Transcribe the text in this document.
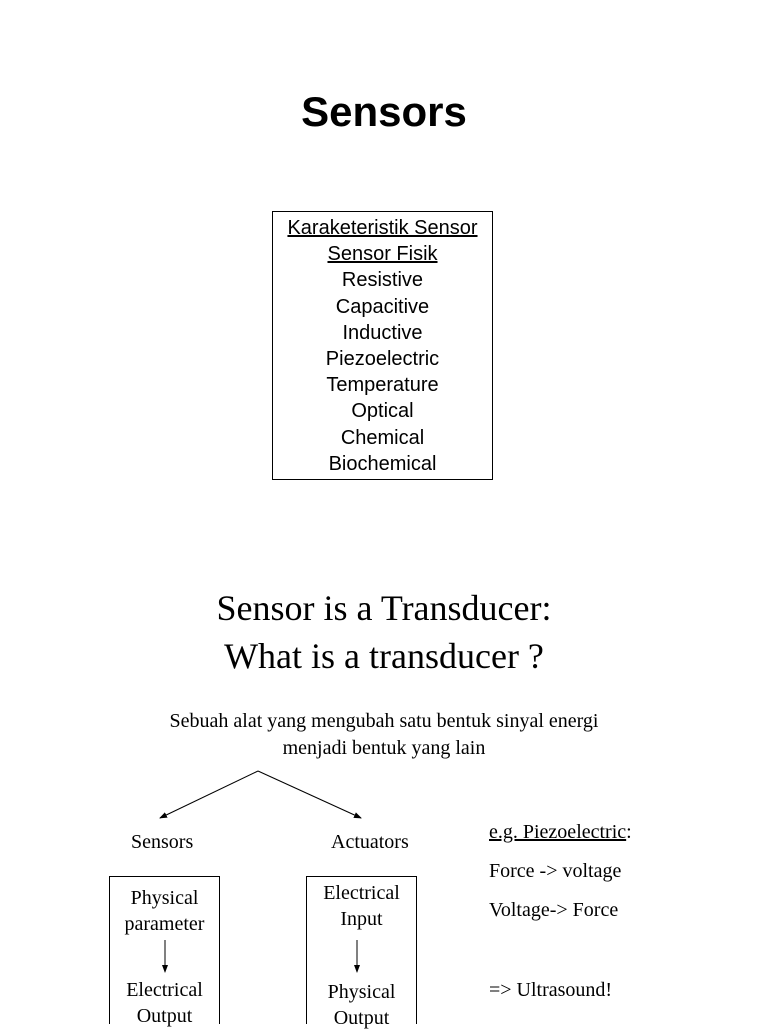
Sensors
Karaketeristik Sensor
Sensor Fisik
Resistive
Capacitive
Inductive
Piezoelectric
Temperature
Optical
Chemical
Biochemical
Sensor is a Transducer:
What is a transducer ?
Sebuah alat yang mengubah satu bentuk sinyal energi
menjadi bentuk yang lain
Sensors	Actuators
Physical
parameter
Electrical
Output
Electrical
Input
Physical
Output
e.g. Piezoelectric:
Force -> voltage
Voltage-> Force
=> Ultrasound!
